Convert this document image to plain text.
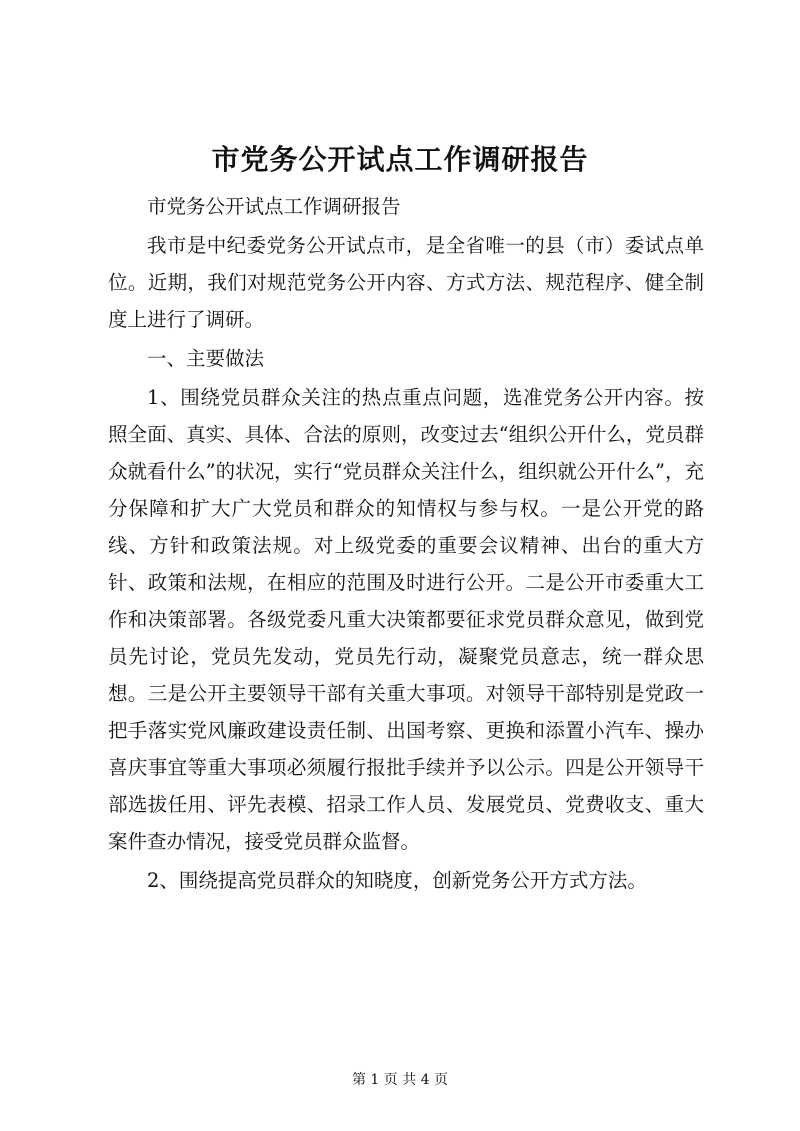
市党务公开试点工作调研报告

市党务公开试点工作调研报告

我市是中纪委党务公开试点市，是全省唯一的县（市）委试点单位。近期，我们对规范党务公开内容、方式方法、规范程序、健全制度上进行了调研。

一、主要做法

1、围绕党员群众关注的热点重点问题，选准党务公开内容。按照全面、真实、具体、合法的原则，改变过去“组织公开什么，党员群众就看什么”的状况，实行“党员群众关注什么，组织就公开什么”，充分保障和扩大广大党员和群众的知情权与参与权。一是公开党的路线、方针和政策法规。对上级党委的重要会议精神、出台的重大方针、政策和法规，在相应的范围及时进行公开。二是公开市委重大工作和决策部署。各级党委凡重大决策都要征求党员群众意见，做到党员先讨论，党员先发动，党员先行动，凝聚党员意志，统一群众思想。三是公开主要领导干部有关重大事项。对领导干部特别是党政一把手落实党风廉政建设责任制、出国考察、更换和添置小汽车、操办喜庆事宜等重大事项必须履行报批手续并予以公示。四是公开领导干部选拔任用、评先表模、招录工作人员、发展党员、党费收支、重大案件查办情况，接受党员群众监督。

2、围绕提高党员群众的知晓度，创新党务公开方式方法。

第 1 页 共 4 页
